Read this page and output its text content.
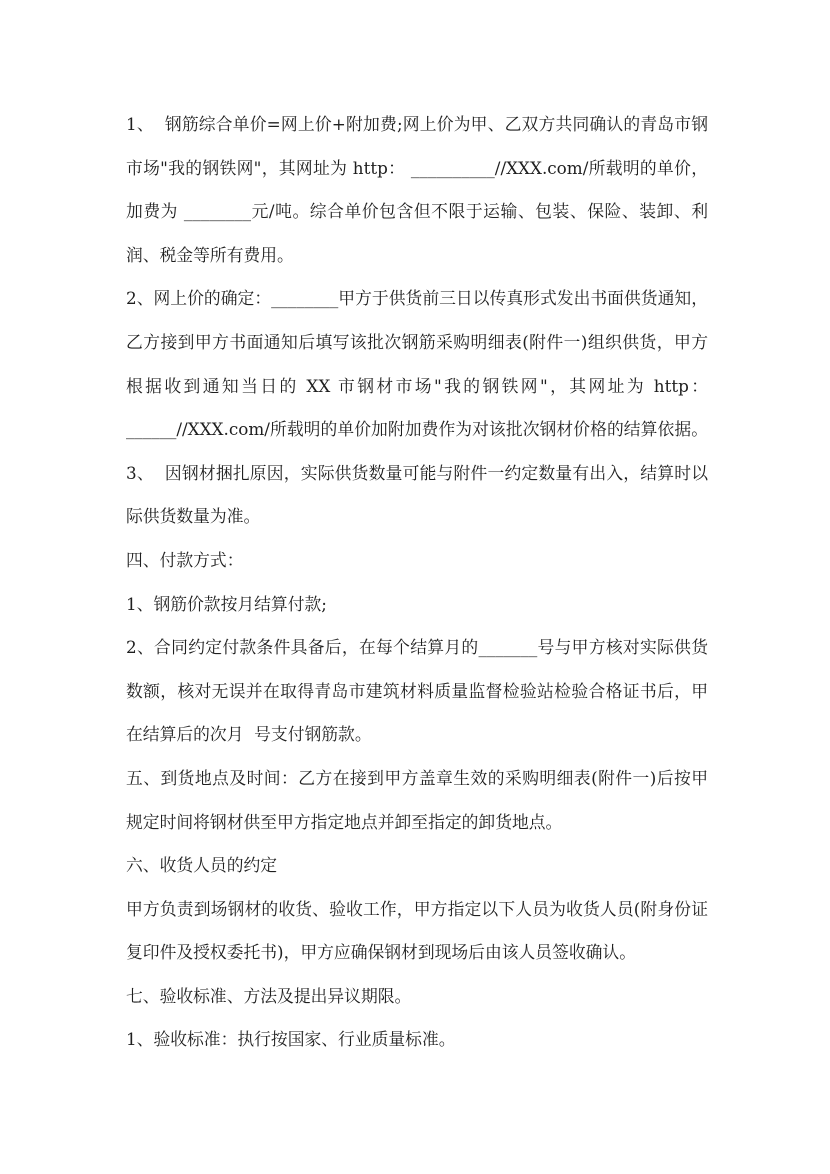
1、  钢筋综合单价=网上价+附加费;网上价为甲、乙双方共同确认的青岛市钢
市场"我的钢铁网"，其网址为 http： __________//XXX.com/所载明的单价，
加费为 ________元/吨。综合单价包含但不限于运输、包装、保险、装卸、利
润、税金等所有费用。
2、网上价的确定：________甲方于供货前三日以传真形式发出书面供货通知，
乙方接到甲方书面通知后填写该批次钢筋采购明细表(附件一)组织供货，甲方
根据收到通知当日的 XX 市钢材市场"我的钢铁网"，其网址为 http：
______//XXX.com/所载明的单价加附加费作为对该批次钢材价格的结算依据。
3、  因钢材捆扎原因，实际供货数量可能与附件一约定数量有出入，结算时以
际供货数量为准。
四、付款方式：
1、钢筋价款按月结算付款;
2、合同约定付款条件具备后，在每个结算月的_______号与甲方核对实际供货
数额，核对无误并在取得青岛市建筑材料质量监督检验站检验合格证书后，甲
在结算后的次月  号支付钢筋款。
五、到货地点及时间：乙方在接到甲方盖章生效的采购明细表(附件一)后按甲
规定时间将钢材供至甲方指定地点并卸至指定的卸货地点。
六、收货人员的约定
甲方负责到场钢材的收货、验收工作，甲方指定以下人员为收货人员(附身份证
复印件及授权委托书)，甲方应确保钢材到现场后由该人员签收确认。
七、验收标准、方法及提出异议期限。
1、验收标准：执行按国家、行业质量标准。
